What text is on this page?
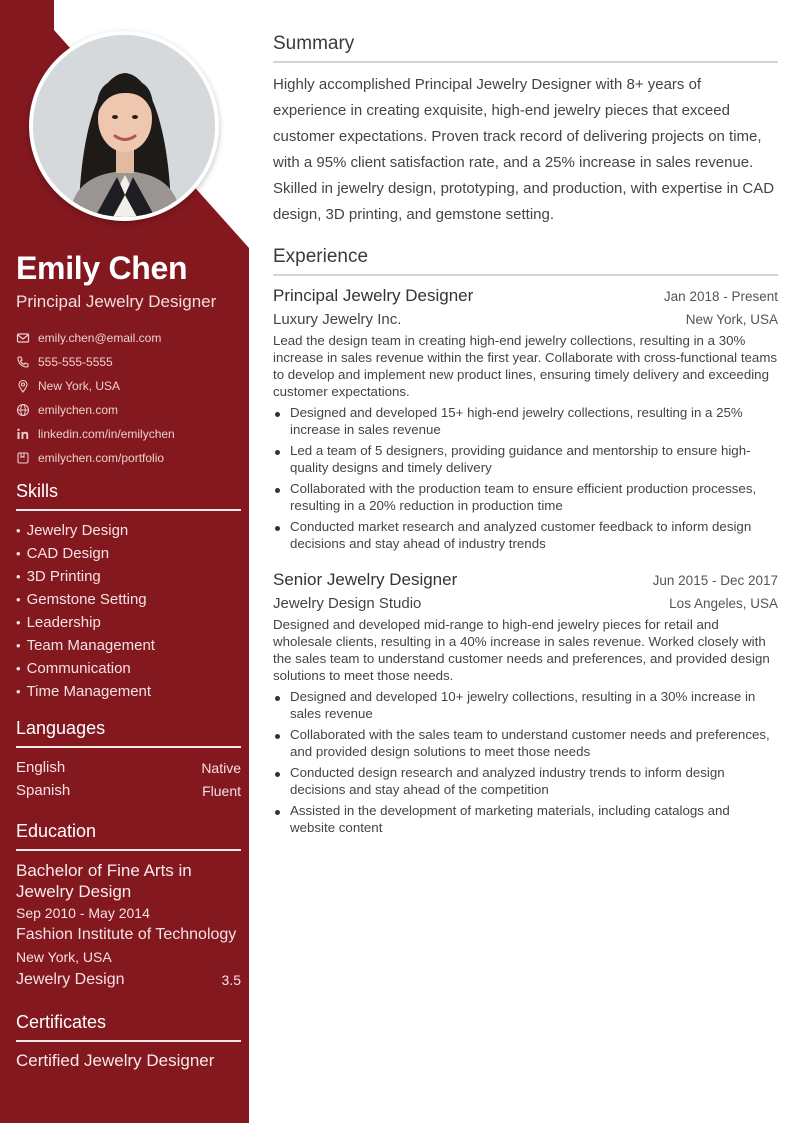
Emily Chen
Principal Jewelry Designer
emily.chen@email.com
555-555-5555
New York, USA
emilychen.com
linkedin.com/in/emilychen
emilychen.com/portfolio
Skills
• Jewelry Design
• CAD Design
• 3D Printing
• Gemstone Setting
• Leadership
• Team Management
• Communication
• Time Management
Languages
English	Native
Spanish	Fluent
Education
Bachelor of Fine Arts in Jewelry Design
Sep 2010 - May 2014
Fashion Institute of Technology
New York, USA
Jewelry Design	3.5
Certificates
Certified Jewelry Designer
Summary

Highly accomplished Principal Jewelry Designer with 8+ years of experience in creating exquisite, high-end jewelry pieces that exceed customer expectations. Proven track record of delivering projects on time, with a 95% client satisfaction rate, and a 25% increase in sales revenue. Skilled in jewelry design, prototyping, and production, with expertise in CAD design, 3D printing, and gemstone setting.

Experience
Principal Jewelry Designer	Jan 2018 - Present
Luxury Jewelry Inc.	New York, USA

Lead the design team in creating high-end jewelry collections, resulting in a 30% increase in sales revenue within the first year. Collaborate with cross-functional teams to develop and implement new product lines, ensuring timely delivery and exceeding customer expectations.

Designed and developed 15+ high-end jewelry collections, resulting in a 25% increase in sales revenue
Led a team of 5 designers, providing guidance and mentorship to ensure high-quality designs and timely delivery
Collaborated with the production team to ensure efficient production processes, resulting in a 20% reduction in production time
Conducted market research and analyzed customer feedback to inform design decisions and stay ahead of industry trends
Senior Jewelry Designer	Jun 2015 - Dec 2017
Jewelry Design Studio	Los Angeles, USA

Designed and developed mid-range to high-end jewelry pieces for retail and wholesale clients, resulting in a 40% increase in sales revenue. Worked closely with the sales team to understand customer needs and preferences, and provided design solutions to meet those needs.

Designed and developed 10+ jewelry collections, resulting in a 30% increase in sales revenue
Collaborated with the sales team to understand customer needs and preferences, and provided design solutions to meet those needs
Conducted design research and analyzed industry trends to inform design decisions and stay ahead of the competition
Assisted in the development of marketing materials, including catalogs and website content
